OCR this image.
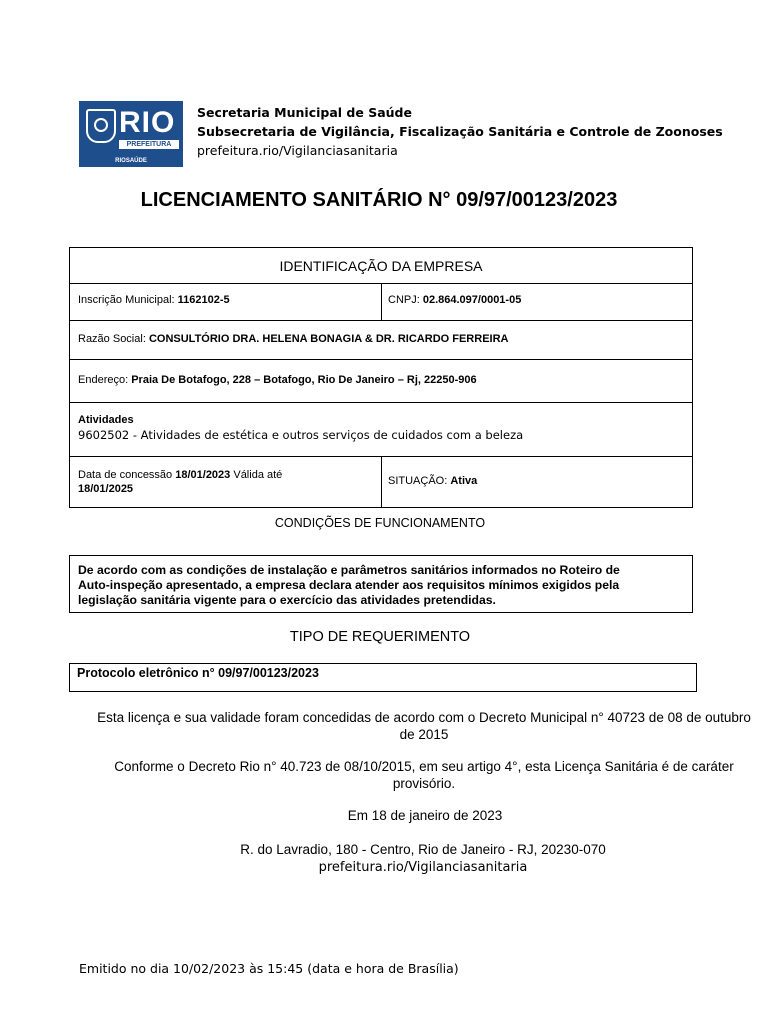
RIO
PREFEITURA
RIOSAÚDE
Secretaria Municipal de Saúde
Subsecretaria de Vigilância, Fiscalização Sanitária e Controle de Zoonoses
prefeitura.rio/Vigilanciasanitaria
LICENCIAMENTO SANITÁRIO N° 09/97/00123/2023
IDENTIFICAÇÃO DA EMPRESA
Inscrição Municipal: 1162102-5	CNPJ: 02.864.097/0001-05
Razão Social: CONSULTÓRIO DRA. HELENA BONAGIA & DR. RICARDO FERREIRA
Endereço: Praia De Botafogo, 228 – Botafogo, Rio De Janeiro – Rj, 22250-906
Atividades
9602502 - Atividades de estética e outros serviços de cuidados com a beleza
Data de concessão 18/01/2023 Válida até
18/01/2025
SITUAÇÃO: Ativa
CONDIÇÕES DE FUNCIONAMENTO
De acordo com as condições de instalação e parâmetros sanitários informados no Roteiro de
Auto-inspeção apresentado, a empresa declara atender aos requisitos mínimos exigidos pela
legislação sanitária vigente para o exercício das atividades pretendidas.
TIPO DE REQUERIMENTO
Protocolo eletrônico n° 09/97/00123/2023
Esta licença e sua validade foram concedidas de acordo com o Decreto Municipal n° 40723 de 08 de outubro
de 2015
Conforme o Decreto Rio n° 40.723 de 08/10/2015, em seu artigo 4°, esta Licença Sanitária é de caráter
provisório.
Em 18 de janeiro de 2023
R. do Lavradio, 180 - Centro, Rio de Janeiro - RJ, 20230-070
prefeitura.rio/Vigilanciasanitaria
Emitido no dia 10/02/2023 às 15:45 (data e hora de Brasília)
